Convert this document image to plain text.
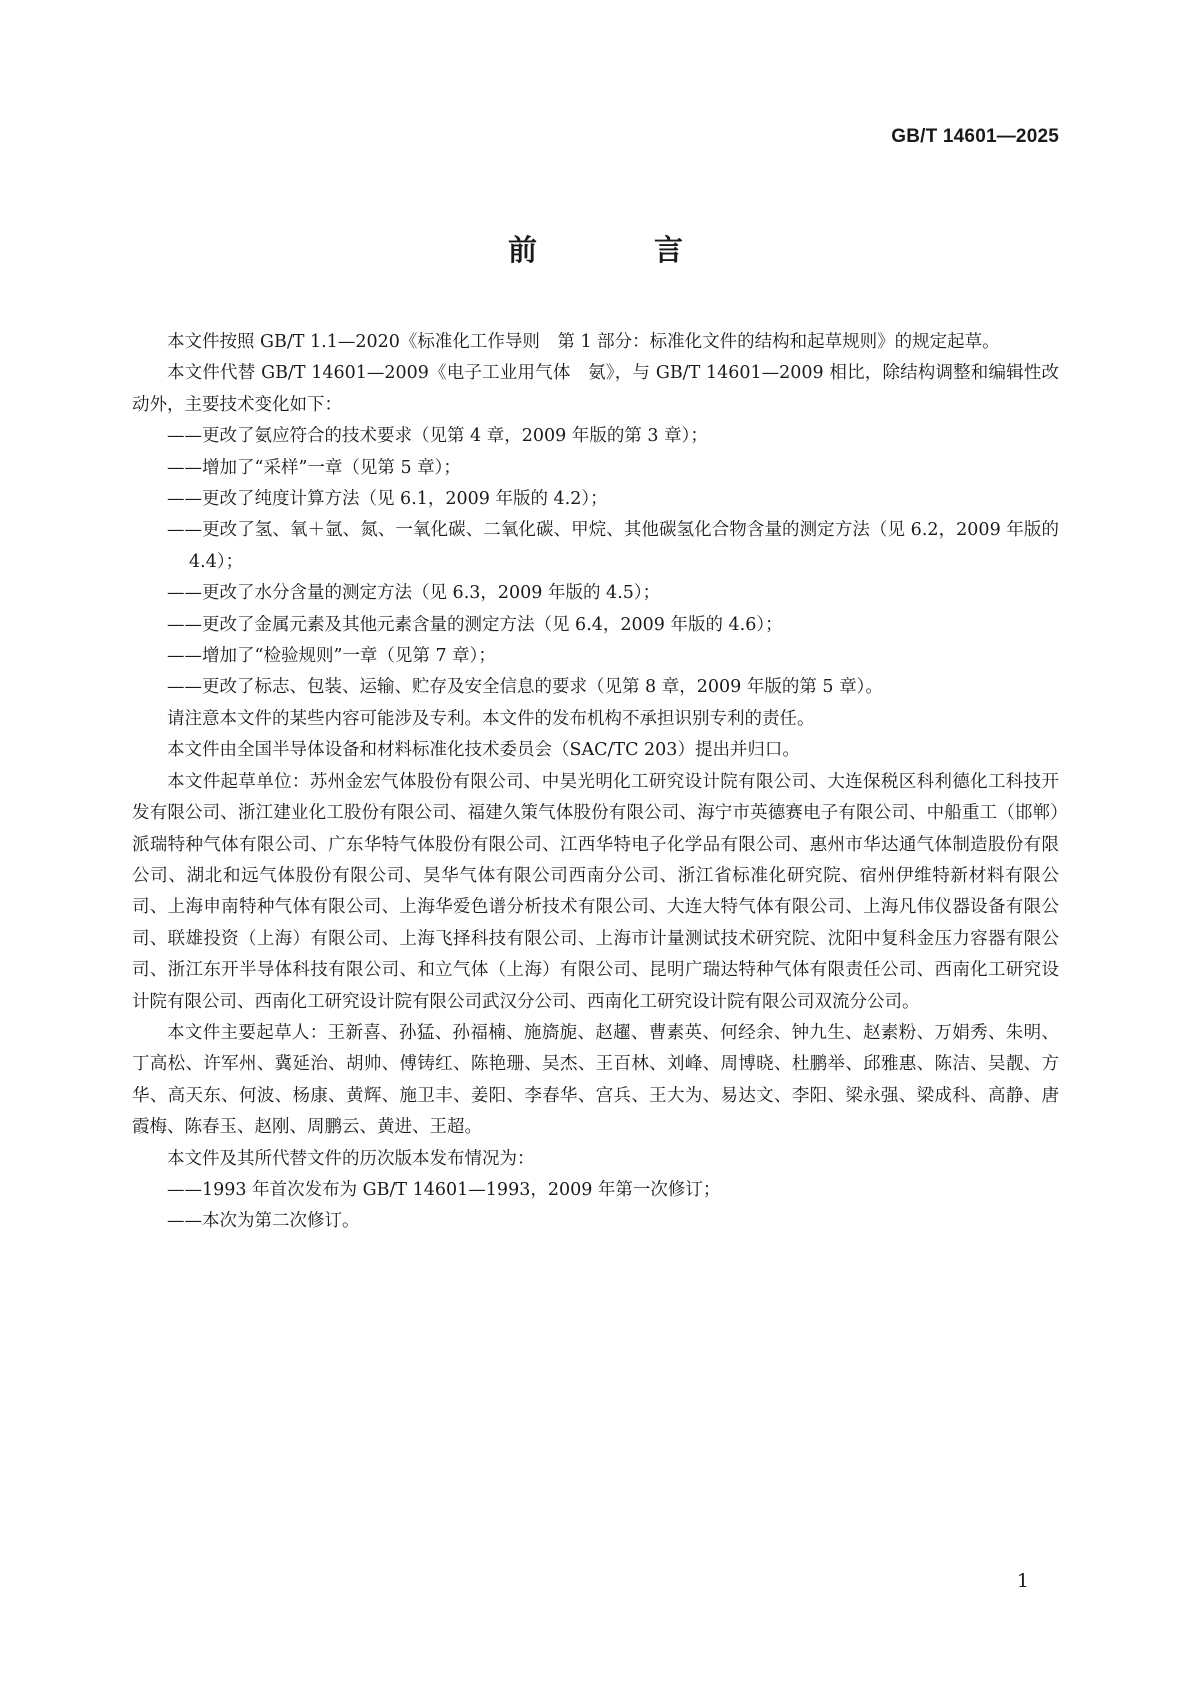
GB/T 14601—2025
前　言

本文件按照 GB/T 1.1—2020《标准化工作导则　第 1 部分：标准化文件的结构和起草规则》的规定起草。

本文件代替 GB/T 14601—2009《电子工业用气体　氨》，与 GB/T 14601—2009 相比，除结构调整和编辑性改动外，主要技术变化如下：

——更改了氨应符合的技术要求（见第 4 章，2009 年版的第 3 章）；

——增加了“采样”一章（见第 5 章）；

——更改了纯度计算方法（见 6.1，2009 年版的 4.2）；

——更改了氢、氧＋氩、氮、一氧化碳、二氧化碳、甲烷、其他碳氢化合物含量的测定方法（见 6.2，2009 年版的 4.4）；

——更改了水分含量的测定方法（见 6.3，2009 年版的 4.5）；

——更改了金属元素及其他元素含量的测定方法（见 6.4，2009 年版的 4.6）；

——增加了“检验规则”一章（见第 7 章）；

——更改了标志、包装、运输、贮存及安全信息的要求（见第 8 章，2009 年版的第 5 章）。

请注意本文件的某些内容可能涉及专利。本文件的发布机构不承担识别专利的责任。

本文件由全国半导体设备和材料标准化技术委员会（SAC/TC 203）提出并归口。

本文件起草单位：苏州金宏气体股份有限公司、中昊光明化工研究设计院有限公司、大连保税区科利德化工科技开发有限公司、浙江建业化工股份有限公司、福建久策气体股份有限公司、海宁市英德赛电子有限公司、中船重工（邯郸）派瑞特种气体有限公司、广东华特气体股份有限公司、江西华特电子化学品有限公司、惠州市华达通气体制造股份有限公司、湖北和远气体股份有限公司、昊华气体有限公司西南分公司、浙江省标准化研究院、宿州伊维特新材料有限公司、上海申南特种气体有限公司、上海华爱色谱分析技术有限公司、大连大特气体有限公司、上海凡伟仪器设备有限公司、联雄投资（上海）有限公司、上海飞择科技有限公司、上海市计量测试技术研究院、沈阳中复科金压力容器有限公司、浙江东开半导体科技有限公司、和立气体（上海）有限公司、昆明广瑞达特种气体有限责任公司、西南化工研究设计院有限公司、西南化工研究设计院有限公司武汉分公司、西南化工研究设计院有限公司双流分公司。

本文件主要起草人：王新喜、孙猛、孙福楠、施旖旎、赵趯、曹素英、何经余、钟九生、赵素粉、万娟秀、朱明、丁高松、许军州、冀延治、胡帅、傅铸红、陈艳珊、吴杰、王百林、刘峰、周博晓、杜鹏举、邱雅惠、陈洁、吴靓、方华、高天东、何波、杨康、黄辉、施卫丰、姜阳、李春华、宫兵、王大为、易达文、李阳、梁永强、梁成科、高静、唐霞梅、陈春玉、赵刚、周鹏云、黄进、王超。

本文件及其所代替文件的历次版本发布情况为：

——1993 年首次发布为 GB/T 14601—1993，2009 年第一次修订；

——本次为第二次修订。

1
